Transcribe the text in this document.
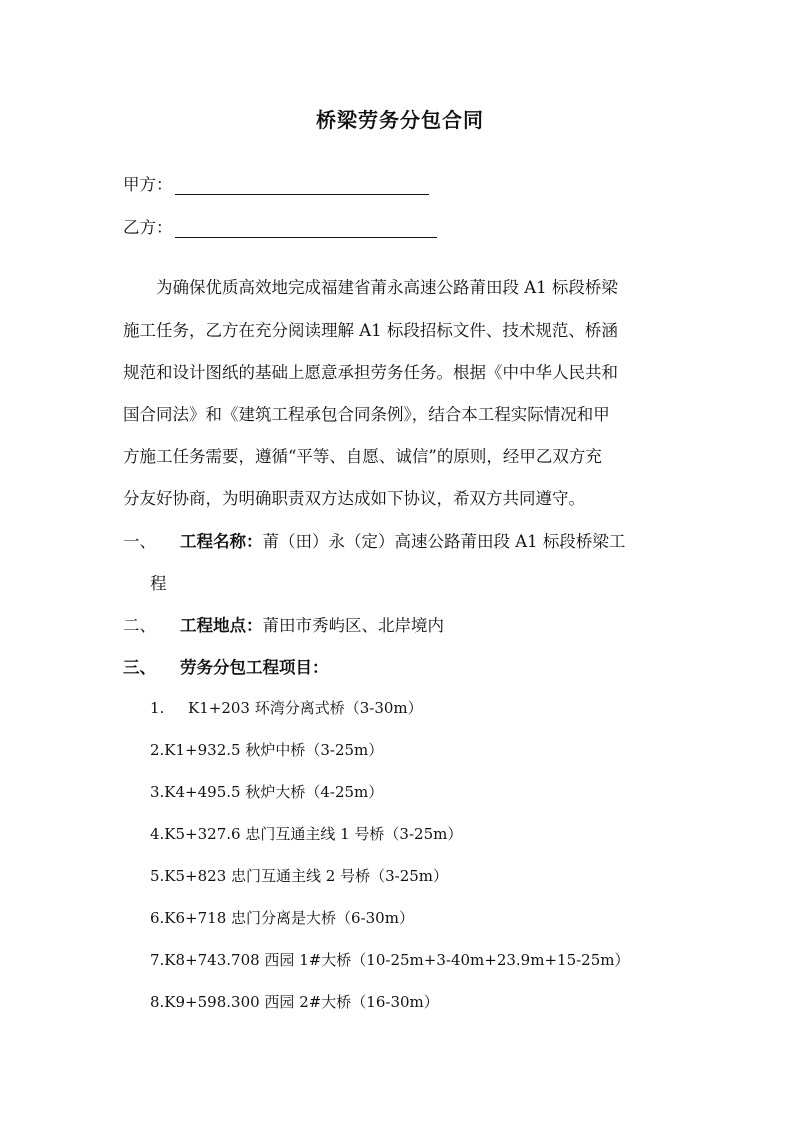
桥梁劳务分包合同
甲方：
乙方：
　　为确保优质高效地完成福建省莆永高速公路莆田段 A1 标段桥梁
施工任务，乙方在充分阅读理解 A1 标段招标文件、技术规范、桥涵
规范和设计图纸的基础上愿意承担劳务任务。根据《中中华人民共和
国合同法》和《建筑工程承包合同条例》，结合本工程实际情况和甲
方施工任务需要，遵循“平等、自愿、诚信”的原则，经甲乙双方充
分友好协商，为明确职责双方达成如下协议，希双方共同遵守。
一、	工程名称： 莆（田）永（定）高速公路莆田段 A1 标段桥梁工
程
二、	工程地点： 莆田市秀屿区、北岸境内
三、	劳务分包工程项目：
1. K1+203 环湾分离式桥（3-30m）
2.K1+932.5 秋炉中桥（3-25m）
3.K4+495.5 秋炉大桥（4-25m）
4.K5+327.6 忠门互通主线 1 号桥（3-25m）
5.K5+823 忠门互通主线 2 号桥（3-25m）
6.K6+718 忠门分离是大桥（6-30m）
7.K8+743.708 西园 1#大桥（10-25m+3-40m+23.9m+15-25m）
8.K9+598.300 西园 2#大桥（16-30m）
